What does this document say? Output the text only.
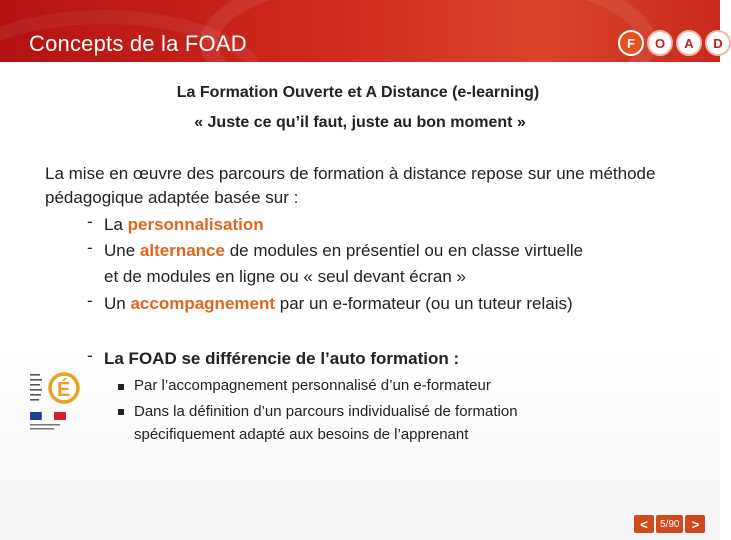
Concepts de la FOAD	F	O	A	D
La Formation Ouverte et A Distance (e-learning)
« Juste ce qu’il faut, juste au bon moment »
La mise en œuvre des parcours de formation à distance repose sur une méthode pédagogique adaptée basée sur :
- La personnalisation
- Une alternance de modules en présentiel ou en classe virtuelle
et de modules en ligne ou « seul devant écran »
- Un accompagnement par un e-formateur (ou un tuteur relais)
- La FOAD se différencie de l’auto formation :
Par l’accompagnement personnalisé d’un e-formateur
Dans la définition d’un parcours individualisé de formation
spécifiquement adapté aux besoins de l’apprenant
É
<	5/90 >
